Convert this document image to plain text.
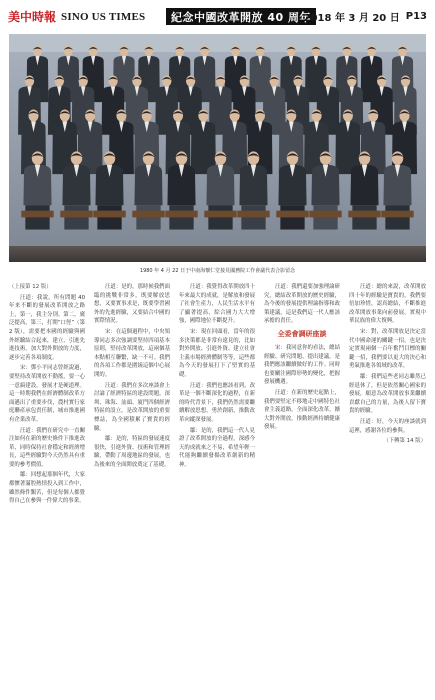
美中時報 SINO US TIMES	紀念中國改革開放 40 周年
2018 年 3 月 20 日 P13
1980 年 4 月 22 日于中南海懷仁堂接見國務院工作會議代表合影留念

（上接第 12 版）

汪道：我說，所有問題 40 年来不斷的發展改革開放之路上，第一，我主分別。第二，廣泛提高，第三，打開“口徑”（第 2 版），需要把本國的經驗與國外經驗結合起來，建立，引進先進技術，加大對外開放的力度，逐步完善各項制度。

宋：鄧小平同志曾經說過，要堅持改革開放不動搖，要一心一意搞建設，發展才是硬道理。這一時期我們在經濟體制改革方面邁出了重要步伐，農村實行家庭聯產承包責任制，城市推進國有企業改革。

汪道：我們在研究中一直關注如何在新的歷史條件下推進改革，同時保持社會穩定和經濟增長，這些經驗對今天仍然具有重要的參考價值。

鄒：回想起那個年代，大家都懷著滿腔熱情投入到工作中，雖然條件艱苦，但是每個人都覺得自己在參與一件偉大的事業。

汪道：是的，那時候我們面臨的挑戰非常多，既要解放思想，又要實事求是，既要學習國外的先進經驗，又要結合中國的實際情況。

宋：在這個過程中，中央領導同志多次強調要堅持四項基本原則，堅持改革開放，這兩個基本點相互聯繫，缺一不可。我們的各項工作都是圍繞這個中心展開的。

汪道：我們在多次座談會上討論了經濟特區的建設問題，深圳、珠海、汕頭、廈門四個經濟特區的設立，是改革開放的重要標誌，為全國積累了寶貴的經驗。

鄒：是的，特區的發展速度很快，引進外資、技術和管理經驗，帶動了周邊地區的發展，也為後來的全面開放奠定了基礎。

汪道：我覺得改革開放四十年來最大的成就，是解放和發展了社會生產力，人民生活水平有了顯著提高，綜合國力大大增強，國際地位不斷提升。

宋：現在回頭看，當年的很多決策都是非常有遠見的，比如對外開放、引進外資、建立社會主義市場經濟體制等等，這些都為今天的發展打下了堅實的基礎。

汪道：我們也應該看到，改革是一個不斷深化的過程，在新的時代背景下，我們仍然需要繼續解放思想，勇於創新，推動改革向縱深發展。

鄒：是的，我們這一代人見證了改革開放的全過程，深感今天的成就來之不易，希望年輕一代能夠繼續發揚改革創新的精神。

汪道：我們還要加強理論研究，總結改革開放的歷史經驗，為今後的發展提供理論指導和政策建議，這是我們這一代人應該承擔的責任。

全委會調研座談

宋：我同意你的看法，總結經驗、研究問題、提出建議，是我們應該繼續做好的工作。同時也要關注國際形勢的變化，把握發展機遇。

汪道：在新的歷史起點上，我們要堅定不移地走中國特色社會主義道路，全面深化改革，擴大對外開放，推動經濟持續健康發展。

汪道：總的來說，改革開放四十年的經驗是寶貴的，我們要倍加珍惜，認真總結，不斷推進改革開放事業向前發展，實現中華民族的偉大復興。

宋：對，改革開放是決定當代中國命運的關鍵一招，也是決定實現兩個一百年奮鬥目標的關鍵一招，我們要以更大的決心和勇氣推進各領域的改革。

鄒：我們這些老同志雖然已經退休了，但是依然關心國家的發展，願意為改革開放事業繼續貢獻自己的力量，為後人留下寶貴的經驗。

汪道：好，今天的座談就到這裡，感謝各位的參與。

（下轉第 14 版）
